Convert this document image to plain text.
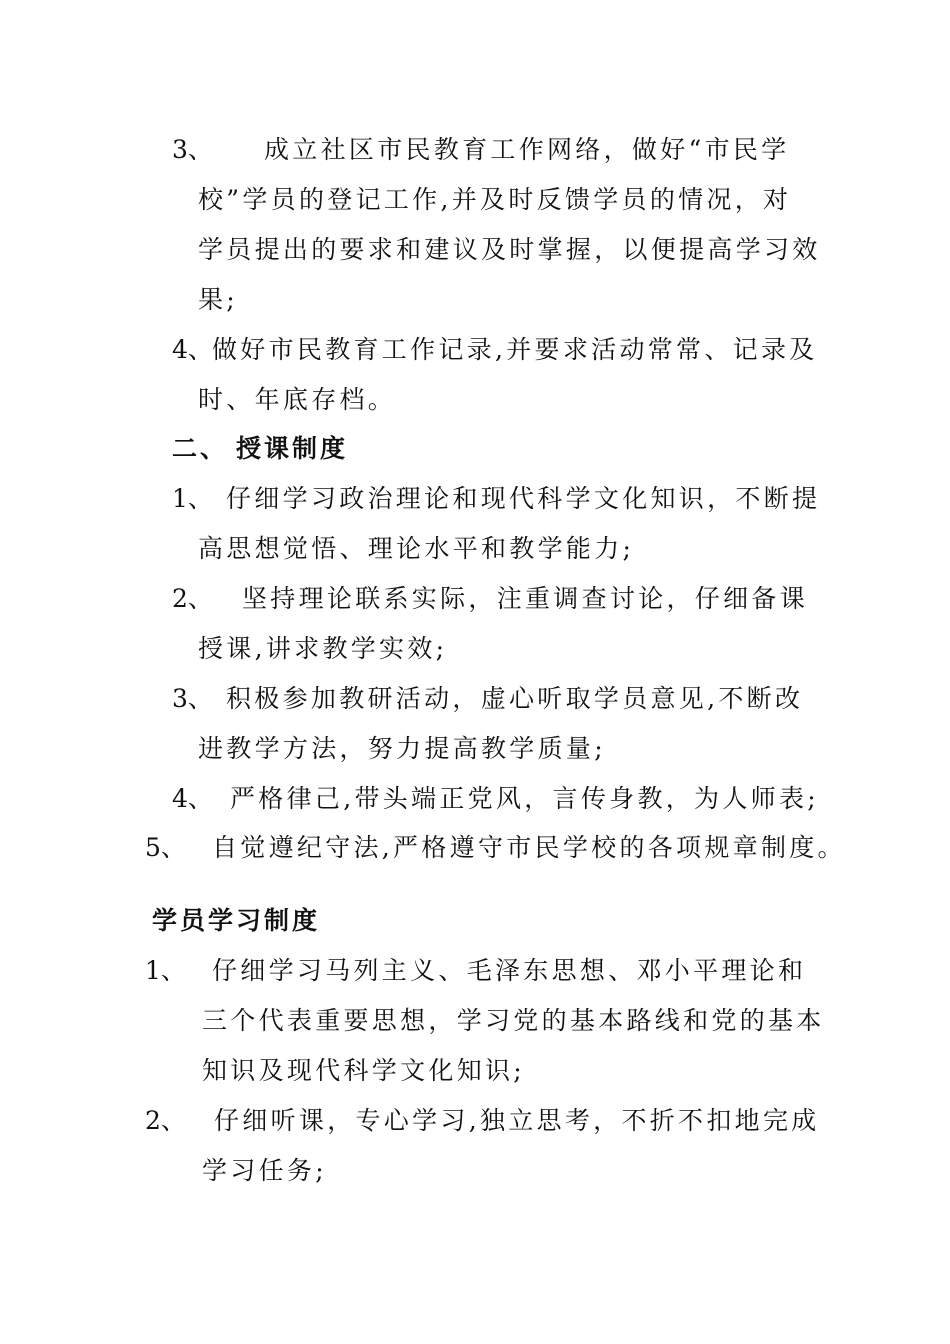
3、 成立社区市民教育工作网络，做好“市民学
校”学员的登记工作,并及时反馈学员的情况，对
学员提出的要求和建议及时掌握，以便提高学习效
果;
4、 做好市民教育工作记录,并要求活动常常、记录及
时、年底存档。
二、 授课制度
1、 仔细学习政治理论和现代科学文化知识，不断提
高思想觉悟、理论水平和教学能力;
2、 坚持理论联系实际，注重调查讨论，仔细备课
授课,讲求教学实效;
3、 积极参加教研活动，虚心听取学员意见,不断改
进教学方法，努力提高教学质量;
4、 严格律己,带头端正党风，言传身教，为人师表;
5、 自觉遵纪守法,严格遵守市民学校的各项规章制度。
学员学习制度
1、 仔细学习马列主义、毛泽东思想、邓小平理论和
三个代表重要思想，学习党的基本路线和党的基本
知识及现代科学文化知识;
2、 仔细听课，专心学习,独立思考，不折不扣地完成
学习任务;
